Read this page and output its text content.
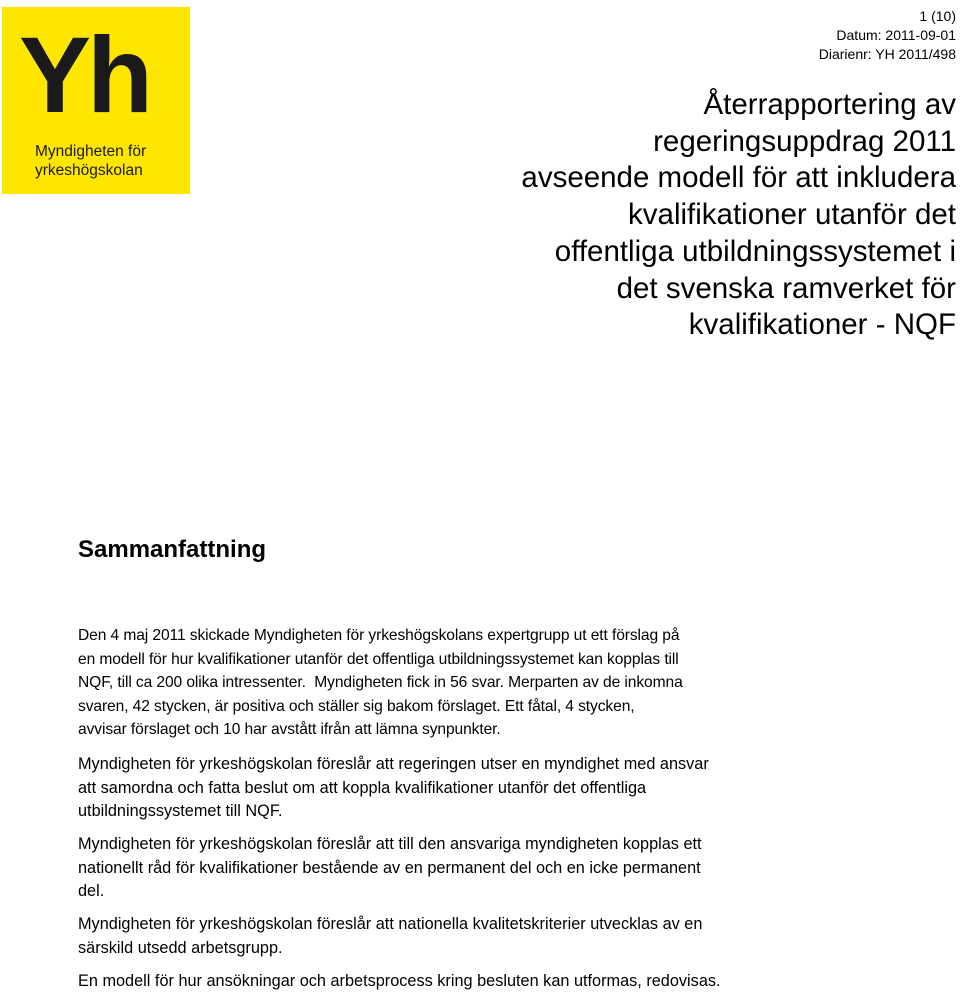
Yh
Myndigheten för
yrkeshögskolan
1 (10)
Datum: 2011-09-01
Diarienr: YH 2011/498
Återrapportering av
regeringsuppdrag 2011
avseende modell för att inkludera
kvalifikationer utanför det
offentliga utbildningssystemet i
det svenska ramverket för
kvalifikationer - NQF
Sammanfattning
Den 4 maj 2011 skickade Myndigheten för yrkeshögskolans expertgrupp ut ett förslag på
en modell för hur kvalifikationer utanför det offentliga utbildningssystemet kan kopplas till
NQF, till ca 200 olika intressenter.  Myndigheten fick in 56 svar. Merparten av de inkomna
svaren, 42 stycken, är positiva och ställer sig bakom förslaget. Ett fåtal, 4 stycken,
avvisar förslaget och 10 har avstått ifrån att lämna synpunkter.
Myndigheten för yrkeshögskolan föreslår att regeringen utser en myndighet med ansvar
att samordna och fatta beslut om att koppla kvalifikationer utanför det offentliga
utbildningssystemet till NQF.
Myndigheten för yrkeshögskolan föreslår att till den ansvariga myndigheten kopplas ett
nationellt råd för kvalifikationer bestående av en permanent del och en icke permanent
del.
Myndigheten för yrkeshögskolan föreslår att nationella kvalitetskriterier utvecklas av en
särskild utsedd arbetsgrupp.
En modell för hur ansökningar och arbetsprocess kring besluten kan utformas, redovisas.
